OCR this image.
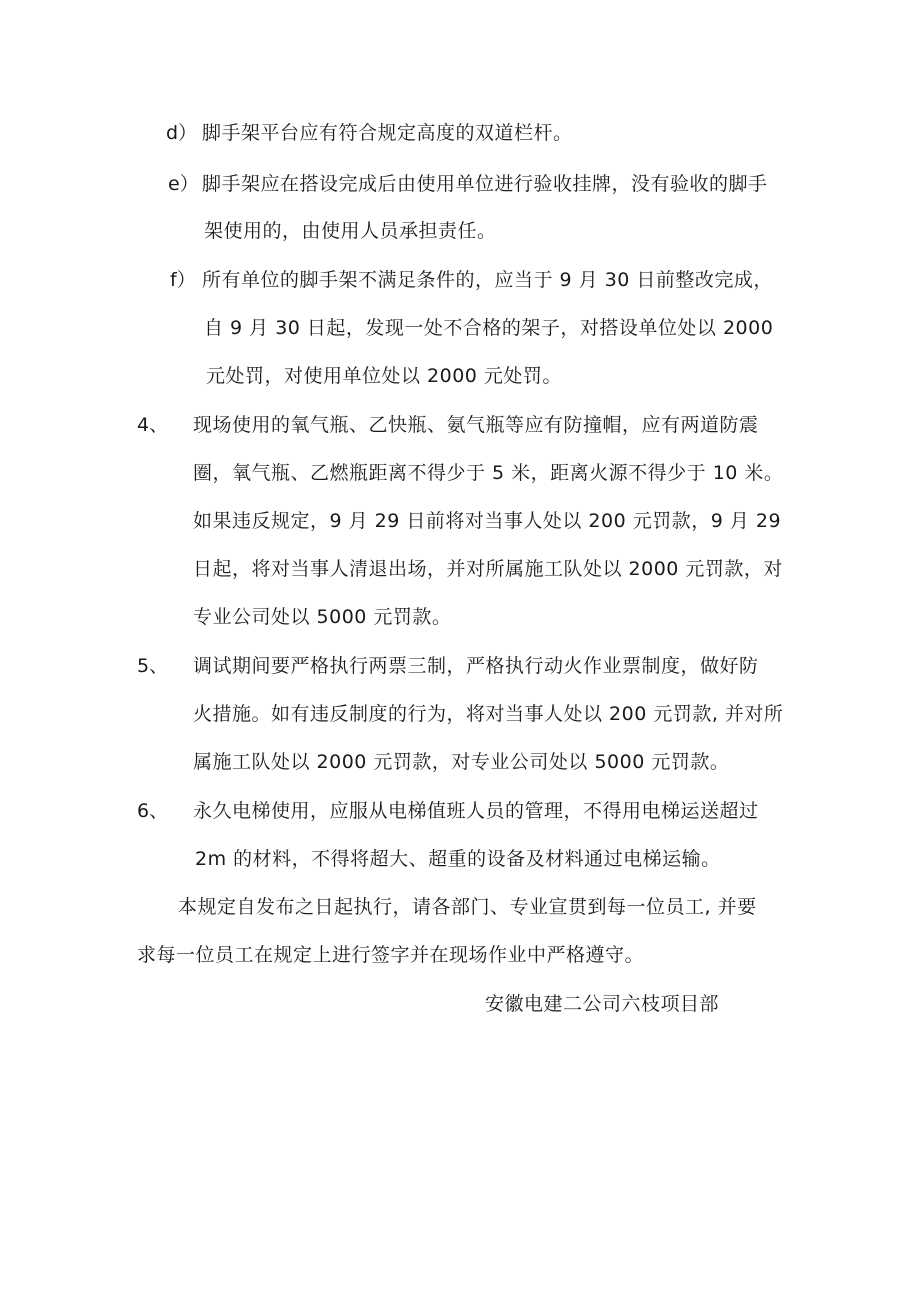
d） 脚手架平台应有符合规定高度的双道栏杆。
e） 脚手架应在搭设完成后由使用单位进行验收挂牌，没有验收的脚手
架使用的，由使用人员承担责任。
f） 所有单位的脚手架不满足条件的，应当于 9 月 30 日前整改完成，
自 9 月 30 日起，发现一处不合格的架子，对搭设单位处以 2000
元处罚，对使用单位处以 2000 元处罚。
4、 现场使用的氧气瓶、乙快瓶、氨气瓶等应有防撞帽，应有两道防震
圈，氧气瓶、乙燃瓶距离不得少于 5 米，距离火源不得少于 10 米。
如果违反规定，9 月 29 日前将对当事人处以 200 元罚款，9 月 29
日起，将对当事人清退出场，并对所属施工队处以 2000 元罚款，对
专业公司处以 5000 元罚款。
5、 调试期间要严格执行两票三制，严格执行动火作业票制度，做好防
火措施。如有违反制度的行为，将对当事人处以 200 元罚款, 并对所
属施工队处以 2000 元罚款，对专业公司处以 5000 元罚款。
6、 永久电梯使用，应服从电梯值班人员的管理，不得用电梯运送超过
2m 的材料，不得将超大、超重的设备及材料通过电梯运输。
本规定自发布之日起执行，请各部门、专业宣贯到每一位员工, 并要
求每一位员工在规定上进行签字并在现场作业中严格遵守。
安徽电建二公司六枝项目部
